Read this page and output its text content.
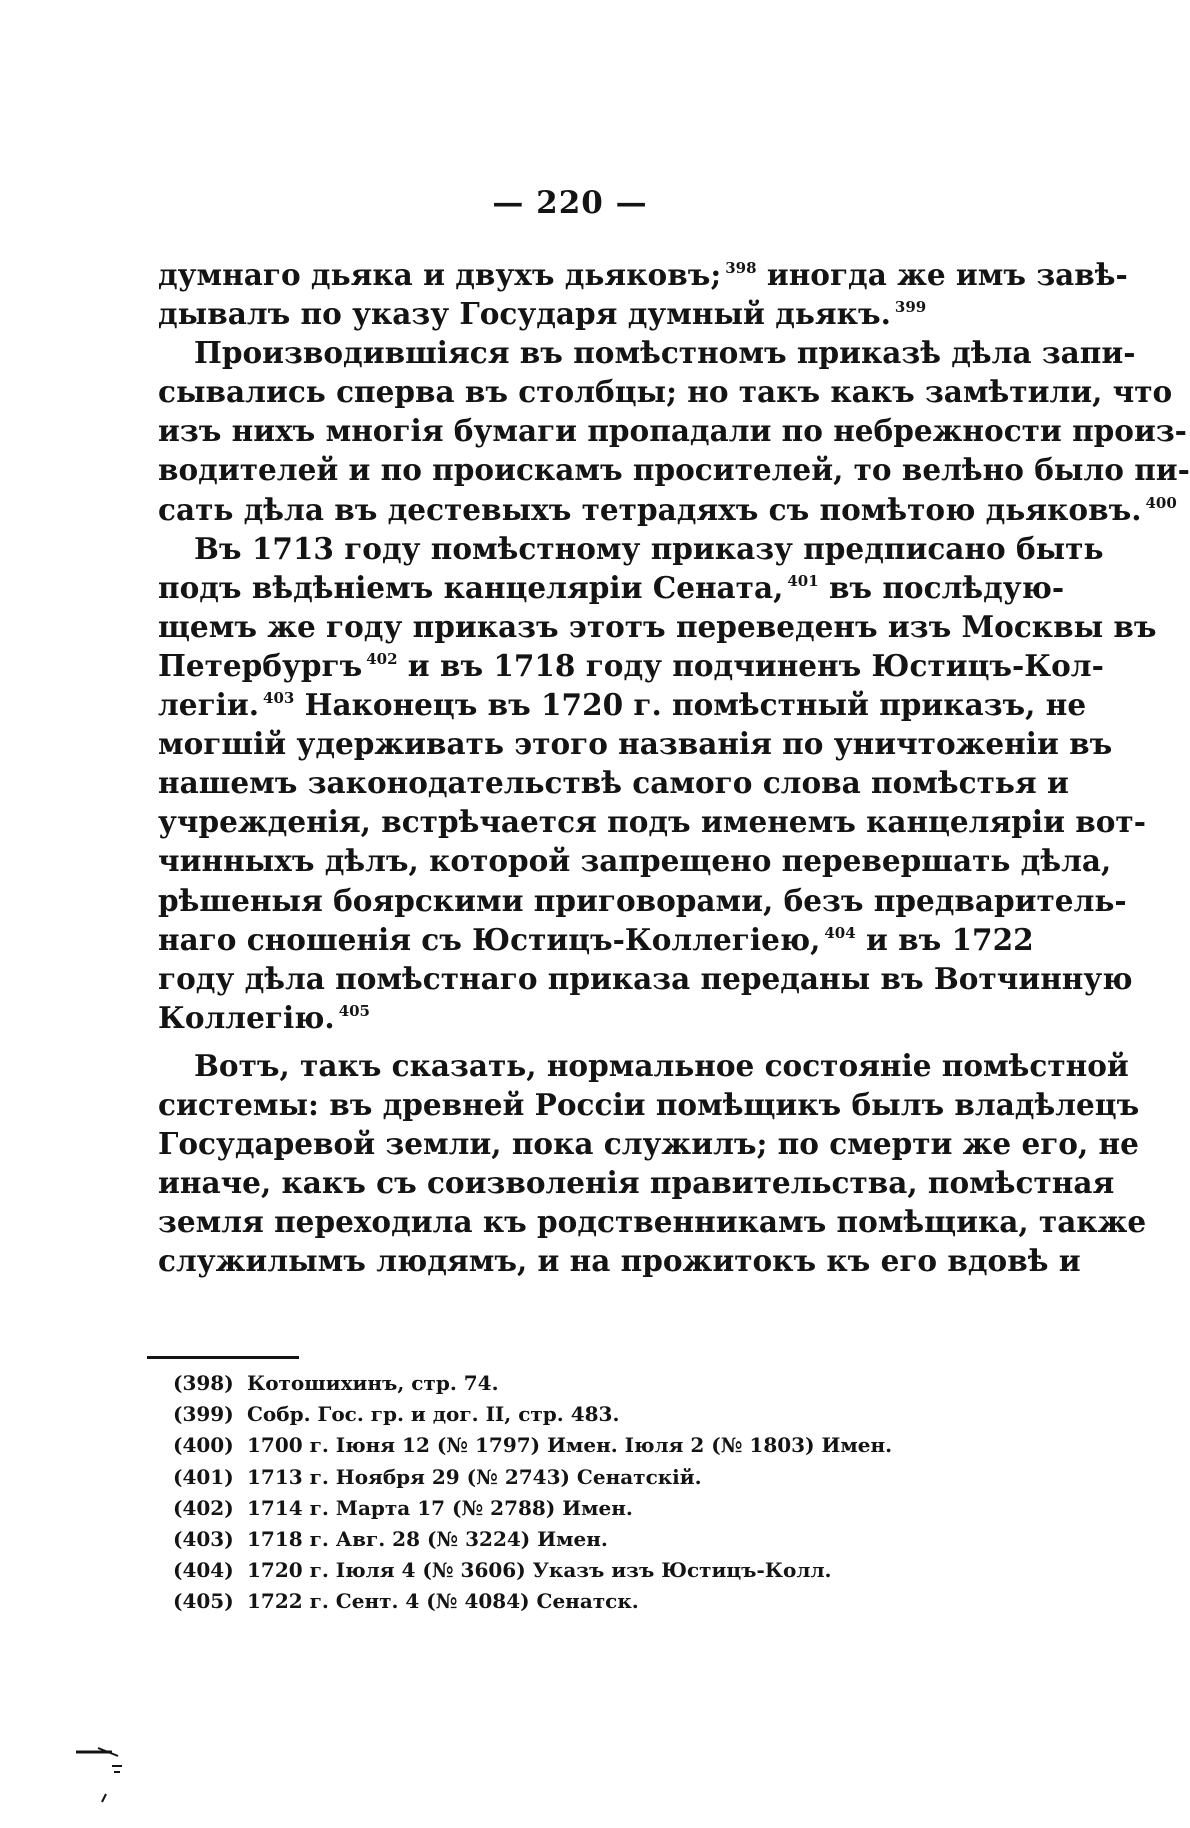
— 220 —
думнаго дьяка и двухъ дьяковъ; $^{398}$ иногда же имъ завѣ-
дывалъ по указу Государя думный дьякъ. $^{399}$
Производившіяся въ помѣстномъ приказѣ дѣла запи-
сывались сперва въ столбцы; но такъ какъ замѣтили, что
изъ нихъ многія бумаги пропадали по небрежности произ-
водителей и по проискамъ просителей, то велѣно было пи-
сать дѣла въ дестевыхъ тетрадяхъ съ помѣтою дьяковъ. $^{400}$
Въ 1713 году помѣстному приказу предписано быть
подъ вѣдѣніемъ канцеляріи Сената, $^{401}$ въ послѣдую-
щемъ же году приказъ этотъ переведенъ изъ Москвы въ
Петербургъ $^{402}$ и въ 1718 году подчиненъ Юстицъ-Кол-
легіи. $^{403}$ Наконецъ въ 1720 г. помѣстный приказъ, не
могшій удерживать этого названія по уничтоженіи въ
нашемъ законодательствѣ самого слова помѣстья и
учрежденія, встрѣчается подъ именемъ канцеляріи вот-
чинныхъ дѣлъ, которой запрещено перевершать дѣла,
рѣшеныя боярскими приговорами, безъ предваритель-
наго сношенія съ Юстицъ-Коллегіею, $^{404}$ и въ 1722
году дѣла помѣстнаго приказа переданы въ Вотчинную
Коллегію. $^{405}$
Вотъ, такъ сказать, нормальное состояніе помѣстной
системы: въ древней Россіи помѣщикъ былъ владѣлецъ
Государевой земли, пока служилъ; по смерти же его, не
иначе, какъ съ соизволенія правительства, помѣстная
земля переходила къ родственникамъ помѣщика, также
служилымъ людямъ, и на прожитокъ къ его вдовѣ и
(398) Котошихинъ, стр. 74.
(399) Собр. Гос. гр. и дог. II, стр. 483.
(400) 1700 г. Іюня 12 (№ 1797) Имен. Іюля 2 (№ 1803) Имен.
(401) 1713 г. Ноября 29 (№ 2743) Сенатскій.
(402) 1714 г. Марта 17 (№ 2788) Имен.
(403) 1718 г. Авг. 28 (№ 3224) Имен.
(404) 1720 г. Іюля 4 (№ 3606) Указъ изъ Юстицъ-Колл.
(405) 1722 г. Сент. 4 (№ 4084) Сенатск.
